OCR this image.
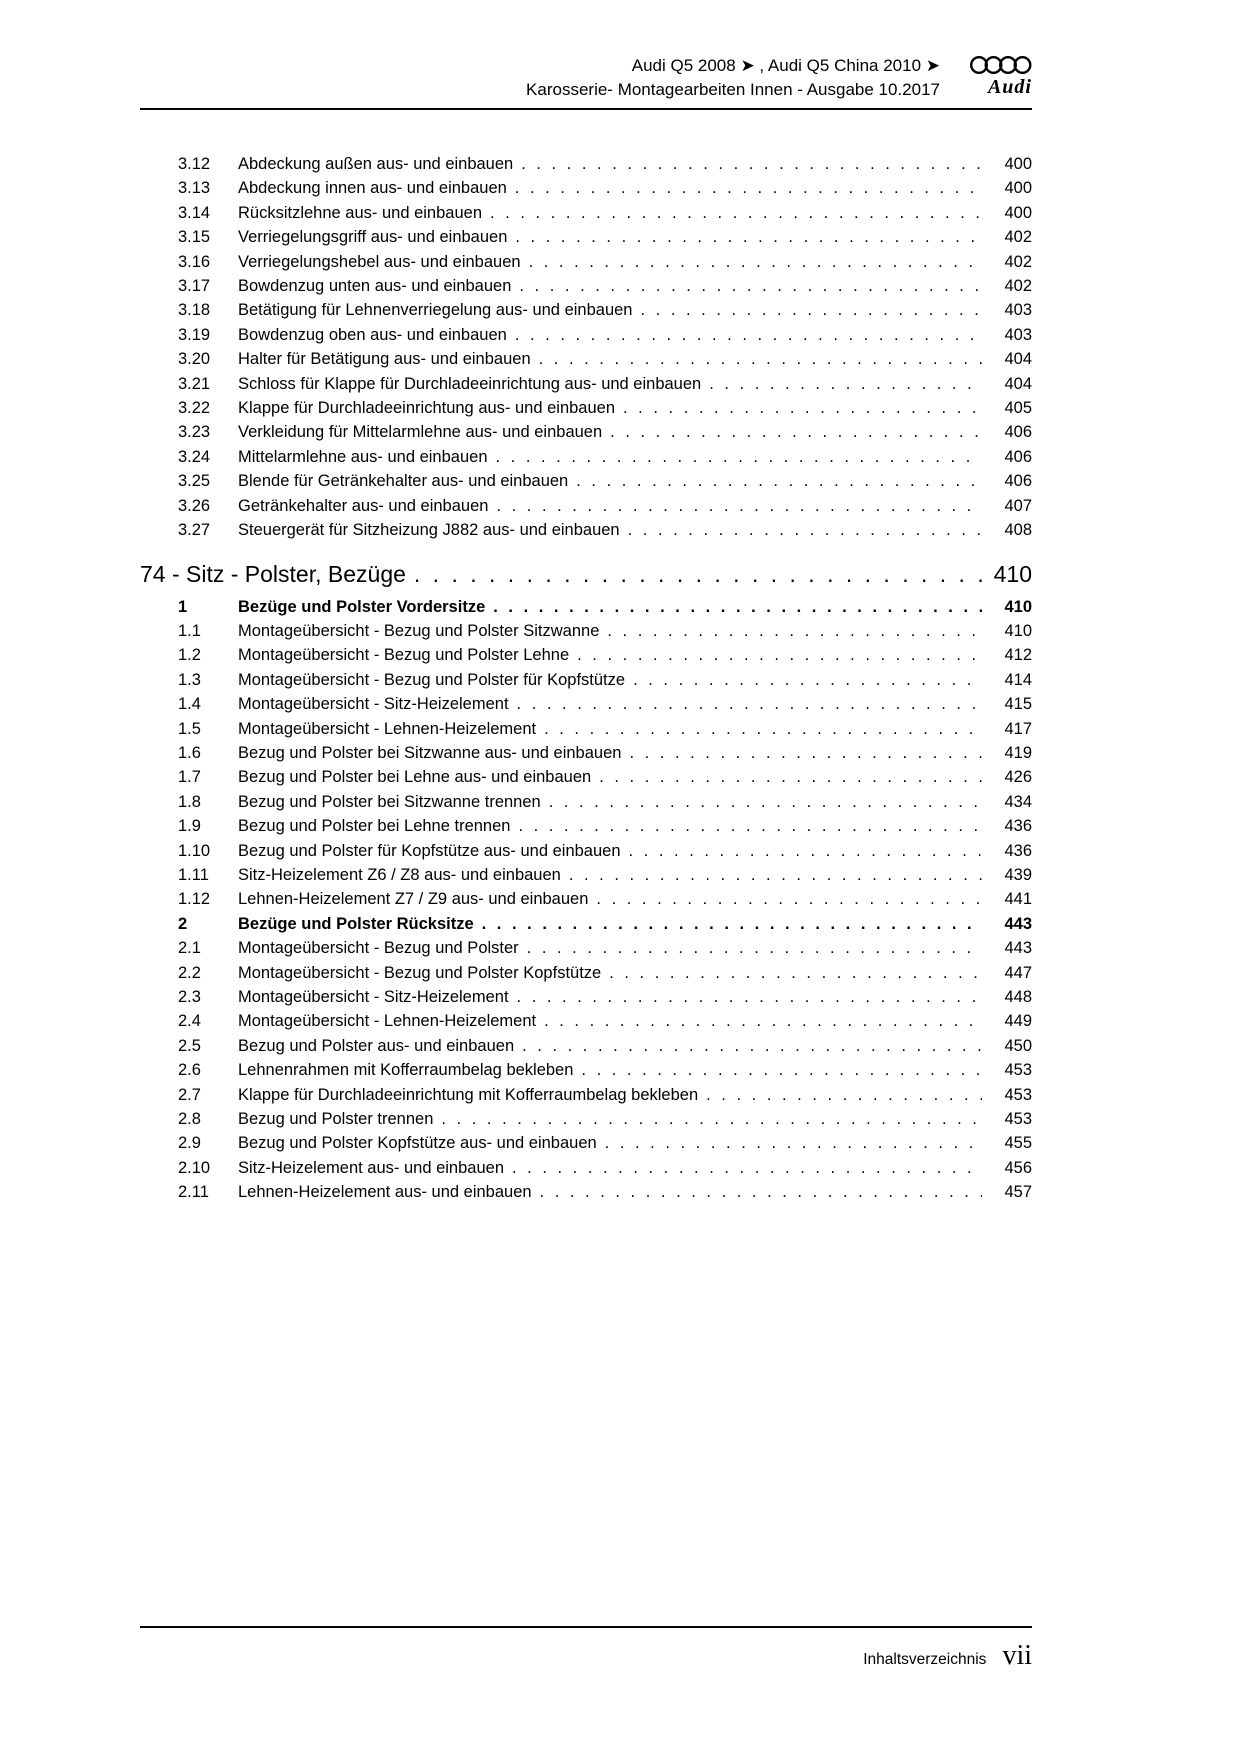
Audi Q5 2008 ➤ , Audi Q5 China 2010 ➤
Karosserie- Montagearbeiten Innen - Ausgabe 10.2017	Audi
3.12	Abdeckung außen aus- und einbauen . . .	400
3.13	Abdeckung innen aus- und einbauen . . .	400
3.14	Rücksitzlehne aus- und einbauen . . .	400
3.15	Verriegelungsgriff aus- und einbauen . . .	402
3.16	Verriegelungshebel aus- und einbauen . . .	402
3.17	Bowdenzug unten aus- und einbauen . . .	402
3.18	Betätigung für Lehnenverriegelung aus- und einbauen . . .	403
3.19	Bowdenzug oben aus- und einbauen . . .	403
3.20	Halter für Betätigung aus- und einbauen . . .	404
3.21	Schloss für Klappe für Durchladeeinrichtung aus- und einbauen . . .	404
3.22	Klappe für Durchladeeinrichtung aus- und einbauen . . .	405
3.23	Verkleidung für Mittelarmlehne aus- und einbauen . . .	406
3.24	Mittelarmlehne aus- und einbauen . . .	406
3.25	Blende für Getränkehalter aus- und einbauen . . .	406
3.26	Getränkehalter aus- und einbauen . . .	407
3.27	Steuergerät für Sitzheizung J882 aus- und einbauen . . .	408
74 - Sitz - Polster, Bezüge . . .	410
1	Bezüge und Polster Vordersitze . . .	410
1.1	Montageübersicht - Bezug und Polster Sitzwanne . . .	410
1.2	Montageübersicht - Bezug und Polster Lehne . . .	412
1.3	Montageübersicht - Bezug und Polster für Kopfstütze . . .	414
1.4	Montageübersicht - Sitz-Heizelement . . .	415
1.5	Montageübersicht - Lehnen-Heizelement . . .	417
1.6	Bezug und Polster bei Sitzwanne aus- und einbauen . . .	419
1.7	Bezug und Polster bei Lehne aus- und einbauen . . .	426
1.8	Bezug und Polster bei Sitzwanne trennen . . .	434
1.9	Bezug und Polster bei Lehne trennen . . .	436
1.10	Bezug und Polster für Kopfstütze aus- und einbauen . . .	436
1.11	Sitz-Heizelement Z6 / Z8 aus- und einbauen . . .	439
1.12	Lehnen-Heizelement Z7 / Z9 aus- und einbauen . . .	441
2	Bezüge und Polster Rücksitze . . .	443
2.1	Montageübersicht - Bezug und Polster . . .	443
2.2	Montageübersicht - Bezug und Polster Kopfstütze . . .	447
2.3	Montageübersicht - Sitz-Heizelement . . .	448
2.4	Montageübersicht - Lehnen-Heizelement . . .	449
2.5	Bezug und Polster aus- und einbauen . . .	450
2.6	Lehnenrahmen mit Kofferraumbelag bekleben . . .	453
2.7	Klappe für Durchladeeinrichtung mit Kofferraumbelag bekleben . . .	453
2.8	Bezug und Polster trennen . . .	453
2.9	Bezug und Polster Kopfstütze aus- und einbauen . . .	455
2.10	Sitz-Heizelement aus- und einbauen . . .	456
2.11	Lehnen-Heizelement aus- und einbauen . . .	457
Inhaltsverzeichnis vii
